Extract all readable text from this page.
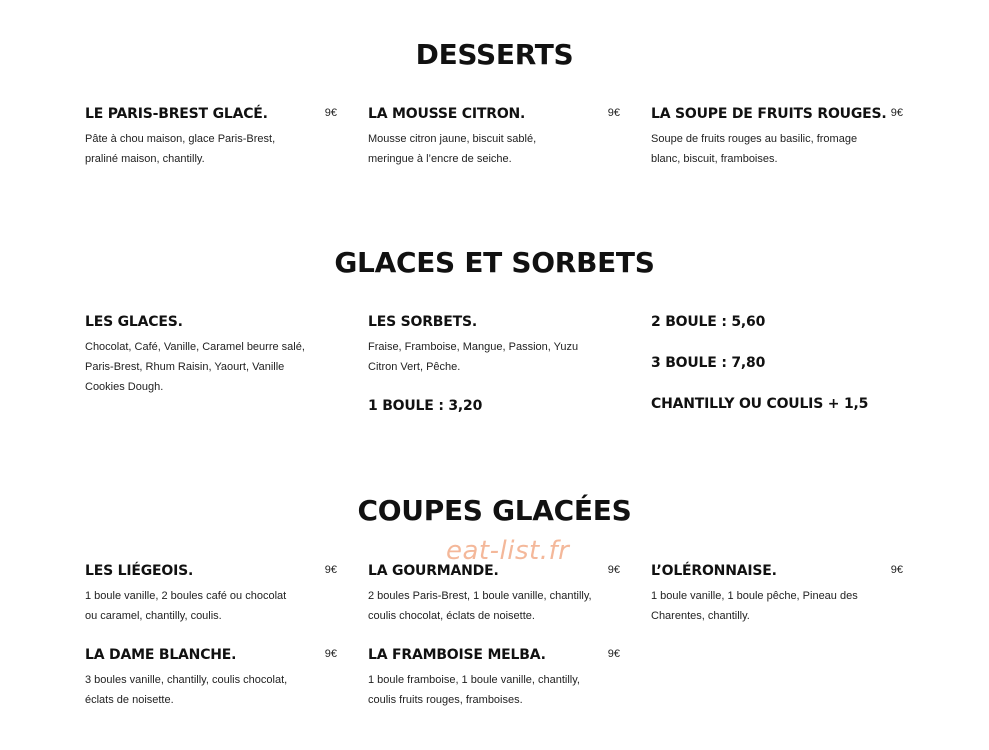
DESSERTS
LE PARIS-BREST GLACÉ.	9€
Pâte à chou maison, glace Paris-Brest, praliné maison, chantilly.
LA MOUSSE CITRON.	9€
Mousse citron jaune, biscuit sablé, meringue à l’encre de seiche.
LA SOUPE DE FRUITS ROUGES. 9€
Soupe de fruits rouges au basilic, fromage blanc, biscuit, framboises.
GLACES ET SORBETS
LES GLACES.
Chocolat, Café, Vanille, Caramel beurre salé, Paris-Brest, Rhum Raisin, Yaourt, Vanille Cookies Dough.
LES SORBETS.
Fraise, Framboise, Mangue, Passion, Yuzu Citron Vert, Pêche.
1 BOULE : 3,20
2 BOULE : 5,60
3 BOULE : 7,80
CHANTILLY OU COULIS + 1,5
COUPES GLACÉES
LES LIÉGEOIS.	9€
1 boule vanille, 2 boules café ou chocolat ou caramel, chantilly, coulis.
LA GOURMANDE.	9€
2 boules Paris-Brest, 1 boule vanille, chantilly, coulis chocolat, éclats de noisette.
L’OLÉRONNAISE.	9€
1 boule vanille, 1 boule pêche, Pineau des Charentes, chantilly.
LA DAME BLANCHE.	9€
3 boules vanille, chantilly, coulis chocolat, éclats de noisette.
LA FRAMBOISE MELBA.	9€
1 boule framboise, 1 boule vanille, chantilly, coulis fruits rouges, framboises.
eat-list.fr
